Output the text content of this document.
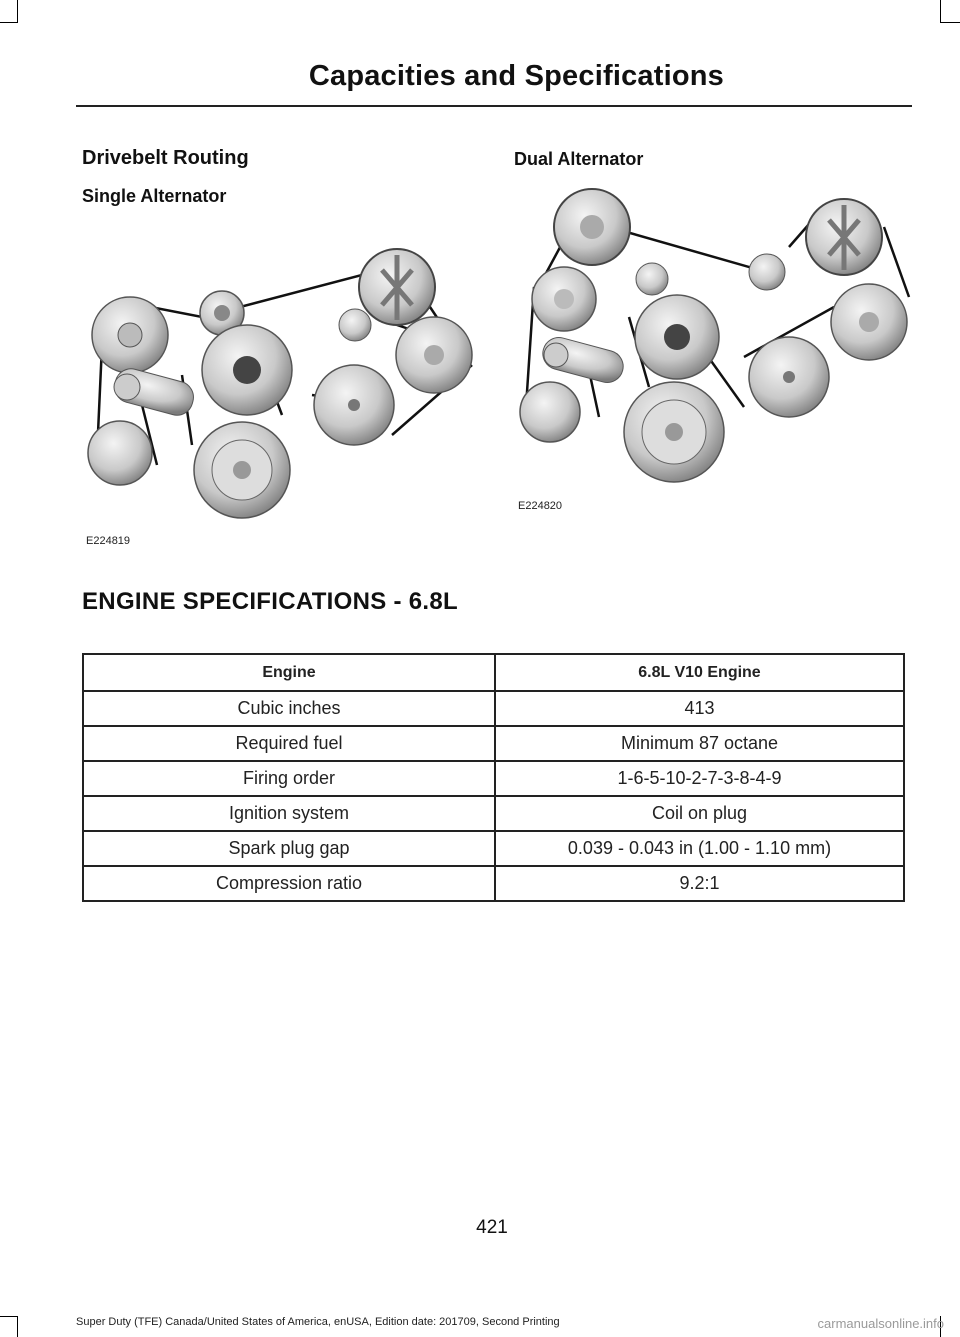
Capacities and Specifications
Drivebelt Routing
Single Alternator
Dual Alternator
E224819
E224820
ENGINE SPECIFICATIONS - 6.8L
Engine	6.8L V10 Engine
Cubic inches	413
Required fuel	Minimum 87 octane
Firing order	1-6-5-10-2-7-3-8-4-9
Ignition system	Coil on plug
Spark plug gap	0.039 - 0.043 in (1.00 - 1.10 mm)
Compression ratio	9.2:1
421
Super Duty (TFE) Canada/United States of America, enUSA, Edition date: 201709, Second Printing	carmanualsonline.info
